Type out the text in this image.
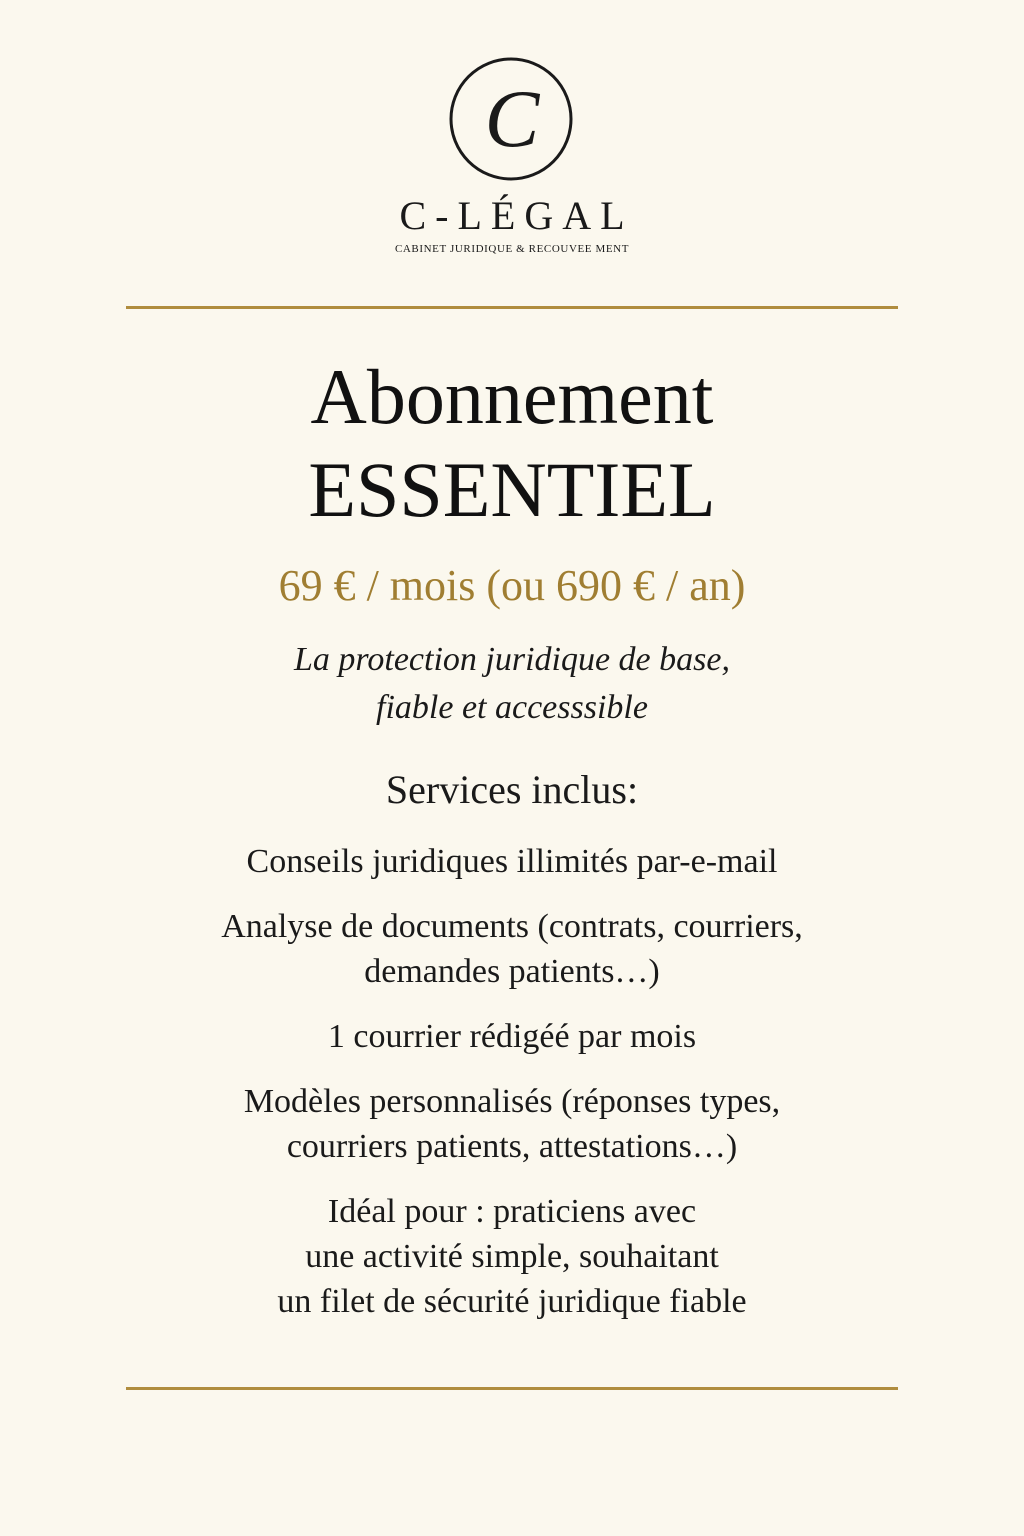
C
C-LÉGAL
CABINET JURIDIQUE & RECOUVEE MENT
Abonnement
ESSENTIEL
69 € / mois (ou 690 € / an)
La protection juridique de base,
fiable et accesssible
Services inclus:
Conseils juridiques illimités par-e-mail
Analyse de documents (contrats, courriers,
demandes patients…)
1 courrier rédigéé par mois
Modèles personnalisés (réponses types,
courriers patients, attestations…)
Idéal pour : praticiens avec
une activité simple, souhaitant
un filet de sécurité juridique fiable
